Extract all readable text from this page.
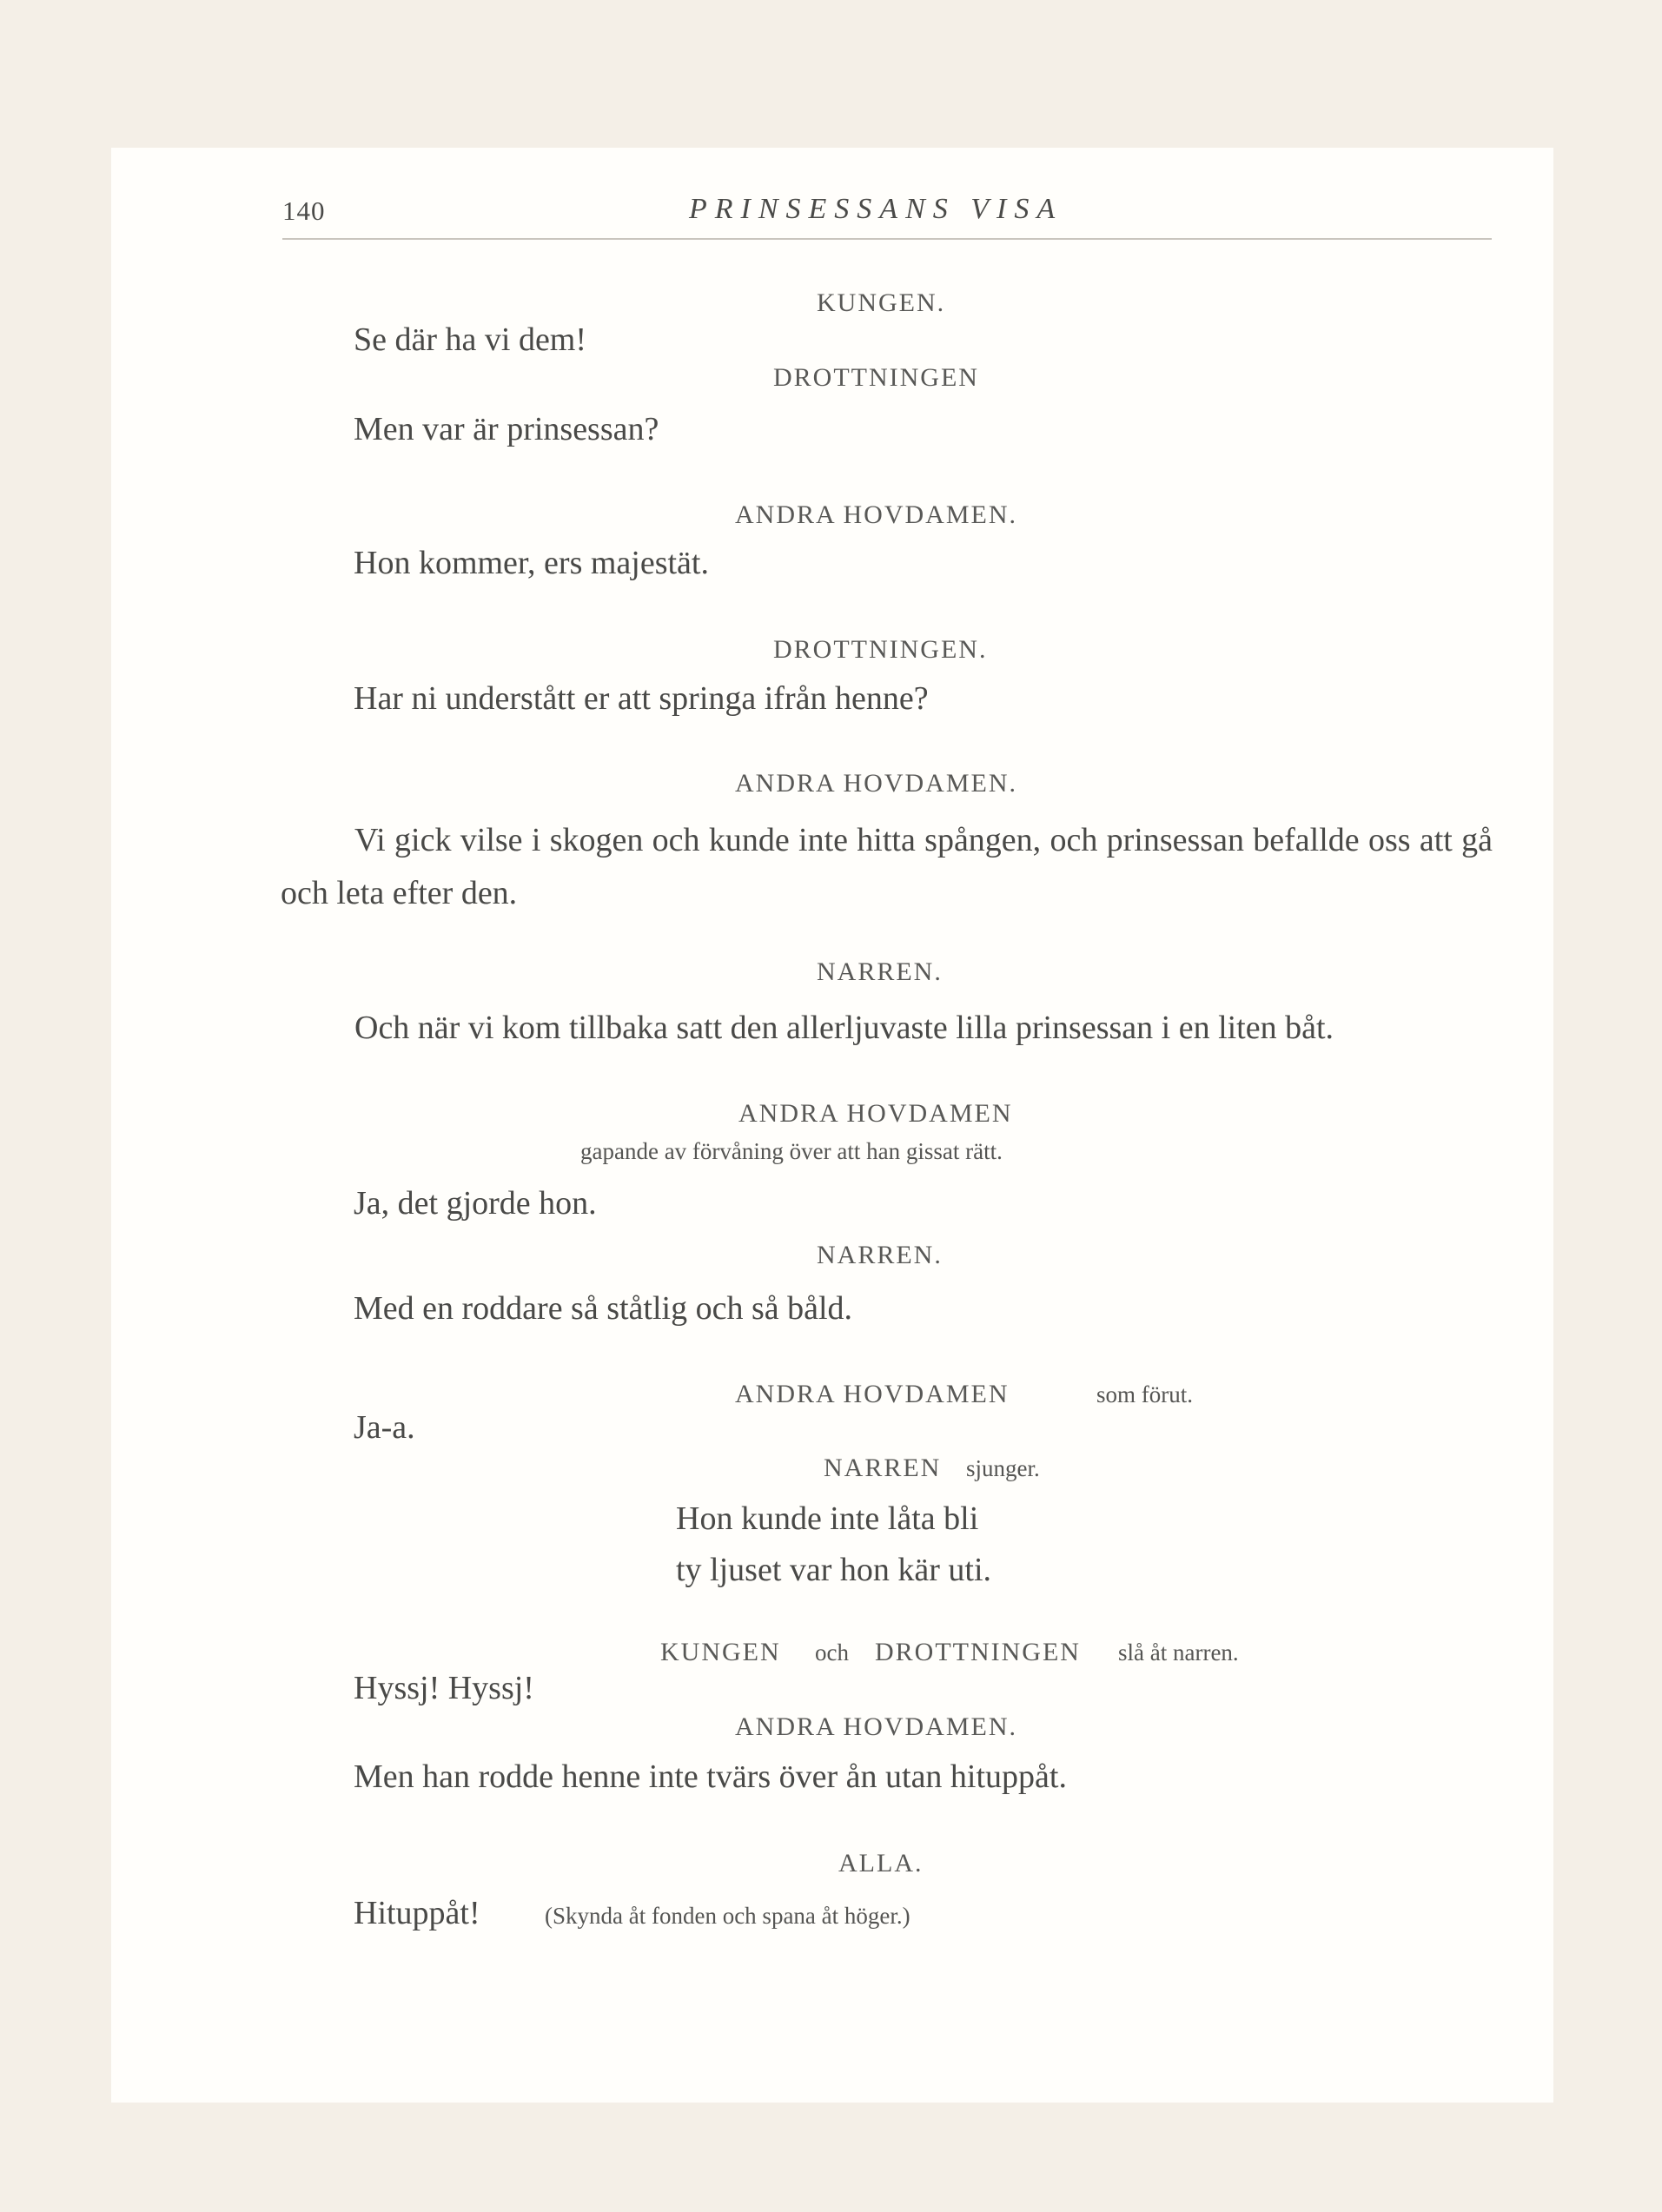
140	PRINSESSANS VISA
KUNGEN.
Se där ha vi dem!
DROTTNINGEN
Men var är prinsessan?
ANDRA HOVDAMEN.
Hon kommer, ers majestät.
DROTTNINGEN.
Har ni understått er att springa ifrån henne?
ANDRA HOVDAMEN.
Vi gick vilse i skogen och kunde inte hitta spången, och prinsessan befallde oss att gå och leta efter den.
NARREN.
Och när vi kom tillbaka satt den allerljuvaste lilla prinsessan i en liten båt.
ANDRA HOVDAMEN
gapande av förvåning över att han gissat rätt.
Ja, det gjorde hon.
NARREN.
Med en roddare så ståtlig och så båld.
ANDRA HOVDAMEN	som förut.
Ja-a.
NARREN sjunger.
Hon kunde inte låta bli
ty ljuset var hon kär uti.
KUNGEN och DROTTNINGEN slå åt narren.
Hyssj! Hyssj!
ANDRA HOVDAMEN.
Men han rodde henne inte tvärs över ån utan hituppåt.
ALLA.
Hituppåt!	(Skynda åt fonden och spana åt höger.)
